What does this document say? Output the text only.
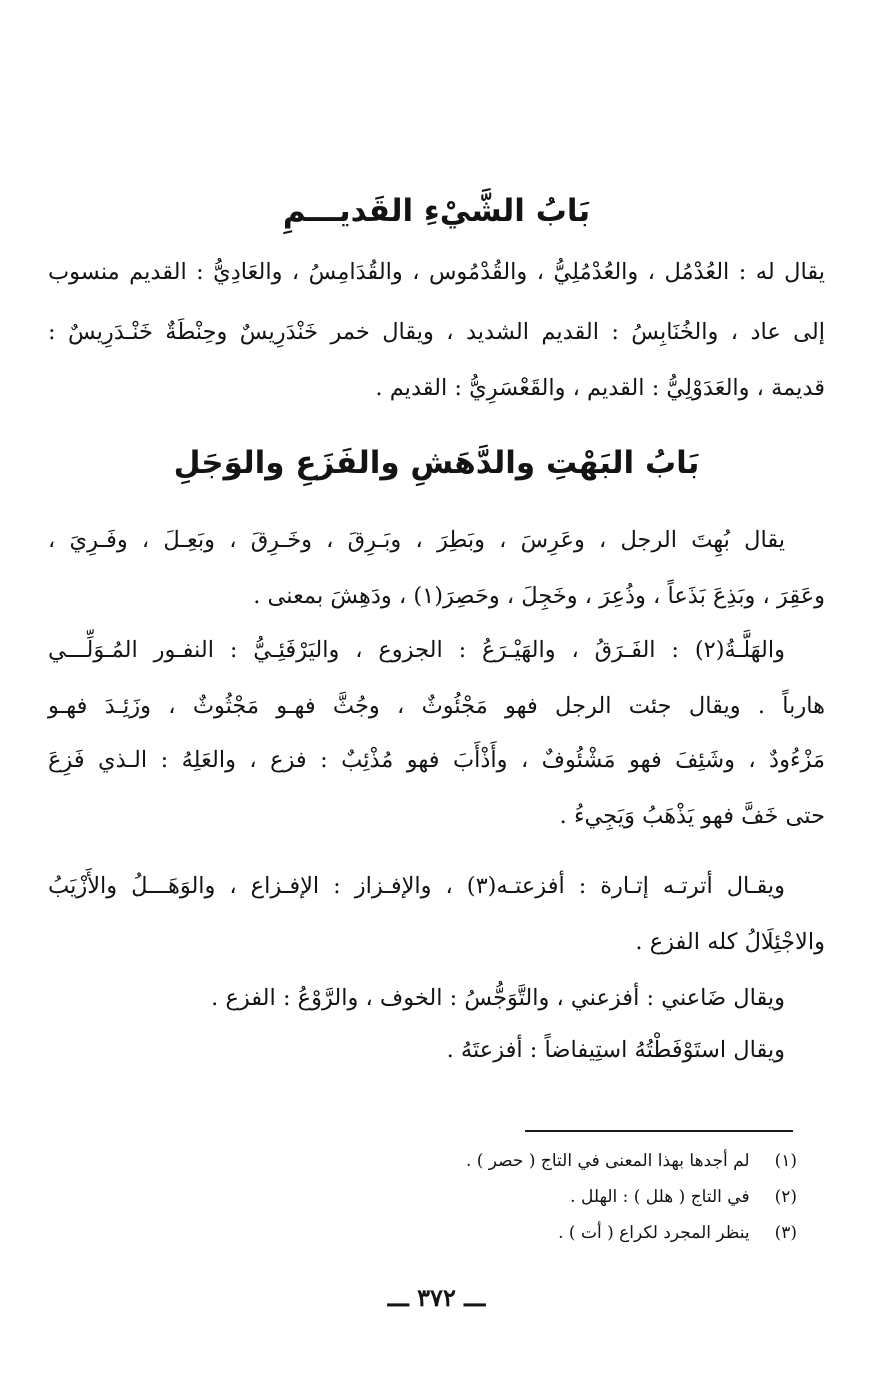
بَابُ الشَّيْءِ القَديـــمِ
يقال له : العُدْمُل ، والعُدْمُلِيُّ ، والقُدْمُوس ، والقُدَامِسُ ، والعَادِيُّ : القديم منسوب
إلى عاد ، والخُنَابِسُ : القديم الشديد ، ويقال خمر خَنْدَرِيسٌ وحِنْطَةٌ خَنْـدَرِيسٌ :
قديمة ، والعَدَوْلِيُّ : القديم ، والقَعْسَرِيُّ : القديم .
بَابُ البَهْتِ والدَّهَشِ والفَزَعِ والوَجَلِ
يقال بُهِتَ الرجل ، وعَرِسَ ، وبَطِرَ ، وبَـرِقَ ، وخَـرِقَ ، وبَعِـلَ ، وفَـرِيَ ،
وعَقِرَ ، وبَذِعَ بَذَعاً ، وذُعِرَ ، وخَجِلَ ، وحَصِرَ(١) ، ودَهِشَ بمعنى .
والهَلَّـةُ(٢) : الفَـرَقُ ، والهَيْـرَعُ : الجزوع ، واليَرْفَئِـيُّ : النفـور المُـوَلِّـــي
هارباً . ويقال جئت الرجل فهو مَجْئُوثٌ ، وجُثَّ فهـو مَجْثُوثٌ ، وزَئِـدَ فهـو
مَزْءُودٌ ، وشَئِفَ فهو مَشْئُوفٌ ، وأَذْأَبَ فهو مُذْئِبٌ : فزع ، والعَلِهُ : الـذي فَزِعَ
حتى خَفَّ فهو يَذْهَبُ وَيَجِيءُ .
ويقـال أترتـه إتـارة : أفزعتـه(٣) ، والإفـزاز : الإفـزاع ، والوَهَـــلُ والأَزْيَبُ
والاجْئِلَالُ كله الفزع .
ويقال ضَاعني : أفزعني ، والتَّوَجُّسُ : الخوف ، والرَّوْعُ : الفزع .
ويقال استَوْفَطْتُهُ استِيفاضاً : أفزعتَهُ .
(١) لم أجدها بهذا المعنى في التاج ( حصر ) .
(٢) في التاج ( هلل ) : الهلل .
(٣) ينظر المجرد لكراع ( أت ) .
ـــ ٣٧٢ ـــ
